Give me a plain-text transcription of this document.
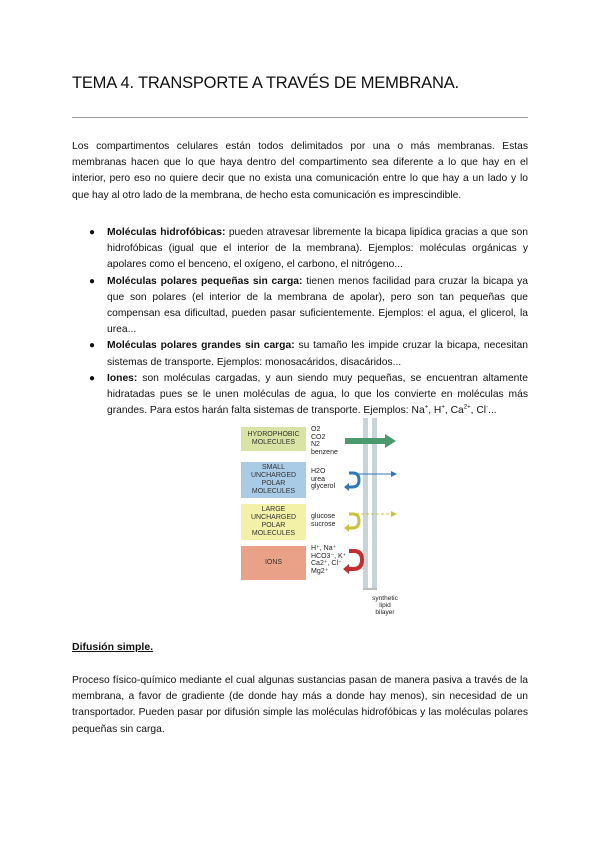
TEMA 4. TRANSPORTE A TRAVÉS DE MEMBRANA.

Los compartimentos celulares están todos delimitados por una o más membranas. Estas membranas hacen que lo que haya dentro del compartimento sea diferente a lo que hay en el interior, pero eso no quiere decir que no exista una comunicación entre lo que hay a un lado y lo que hay al otro lado de la membrana, de hecho esta comunicación es imprescindible.

● Moléculas hidrofóbicas: pueden atravesar libremente la bicapa lipídica gracias a que son hidrofóbicas (igual que el interior de la membrana). Ejemplos: moléculas orgánicas y apolares como el benceno, el oxígeno, el carbono, el nitrógeno...
● Moléculas polares pequeñas sin carga: tienen menos facilidad para cruzar la bicapa ya que son polares (el interior de la membrana de apolar), pero son tan pequeñas que compensan esa dificultad, pueden pasar suficientemente. Ejemplos: el agua, el glicerol, la urea...
● Moléculas polares grandes sin carga: su tamaño les impide cruzar la bicapa, necesitan sistemas de transporte. Ejemplos: monosacáridos, disacáridos...
● Iones: son moléculas cargadas, y aun siendo muy pequeñas, se encuentran altamente hidratadas pues se le unen moléculas de agua, lo que los convierte en moléculas más grandes. Para estos harán falta sistemas de transporte. Ejemplos: Na+, H+, $Ca^{2+}$, Cl-...
HYDROPHOBIC
MOLECULES
O2
CO2
N2
benzene
SMALL
UNCHARGED
POLAR
MOLECULES
H2O
urea
glycerol
LARGE
UNCHARGED
POLAR
MOLECULES
glucose
sucrose
IONS
H⁺, Na⁺
HCO3⁻, K⁺
Ca2⁺, Cl⁻
Mg2⁺
synthetic
lipid
bilayer
Difusión simple.

Proceso físico-químico mediante el cual algunas sustancias pasan de manera pasiva a través de la membrana, a favor de gradiente (de donde hay más a donde hay menos), sin necesidad de un transportador. Pueden pasar por difusión simple las moléculas hidrofóbicas y las moléculas polares pequeñas sin carga.
